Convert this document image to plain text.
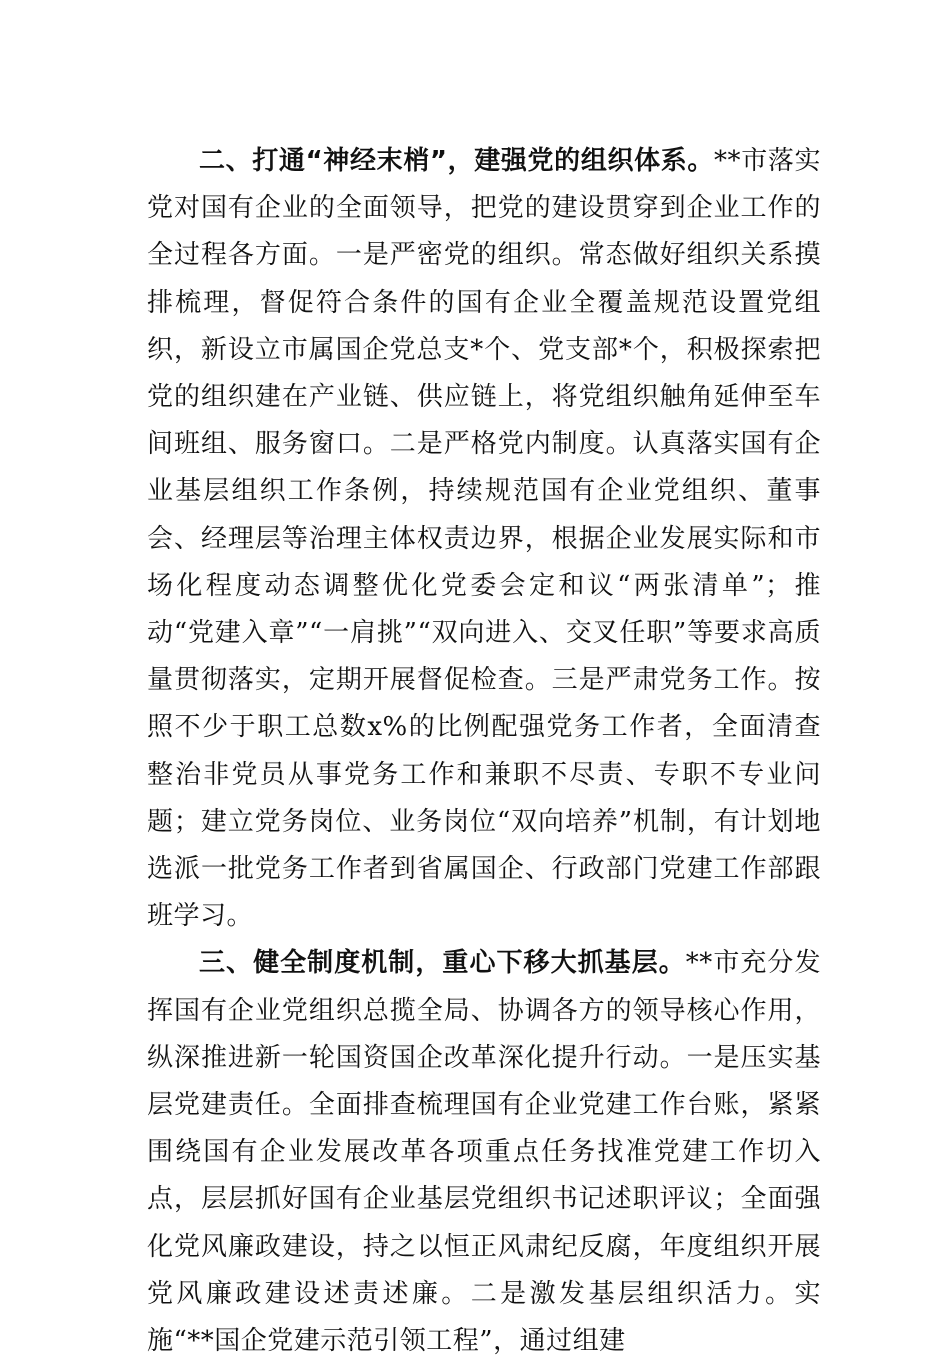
二、打通“神经末梢”，建强党的组织体系。**市落实党对国有企业的全面领导，把党的建设贯穿到企业工作的全过程各方面。一是严密党的组织。常态做好组织关系摸排梳理，督促符合条件的国有企业全覆盖规范设置党组织，新设立市属国企党总支*个、党支部*个，积极探索把党的组织建在产业链、供应链上，将党组织触角延伸至车间班组、服务窗口。二是严格党内制度。认真落实国有企业基层组织工作条例，持续规范国有企业党组织、董事会、经理层等治理主体权责边界，根据企业发展实际和市场化程度动态调整优化党委会定和议“两张清单”；推动“党建入章”“一肩挑”“双向进入、交叉任职”等要求高质量贯彻落实，定期开展督促检查。三是严肃党务工作。按照不少于职工总数x%的比例配强党务工作者，全面清查整治非党员从事党务工作和兼职不尽责、专职不专业问题；建立党务岗位、业务岗位“双向培养”机制，有计划地选派一批党务工作者到省属国企、行政部门党建工作部跟班学习。

三、健全制度机制，重心下移大抓基层。**市充分发挥国有企业党组织总揽全局、协调各方的领导核心作用，纵深推进新一轮国资国企改革深化提升行动。一是压实基层党建责任。全面排查梳理国有企业党建工作台账，紧紧围绕国有企业发展改革各项重点任务找准党建工作切入点，层层抓好国有企业基层党组织书记述职评议；全面强化党风廉政建设，持之以恒正风肃纪反腐，年度组织开展党风廉政建设述责述廉。二是激发基层组织活力。实施“**国企党建示范引领工程”，通过组建
